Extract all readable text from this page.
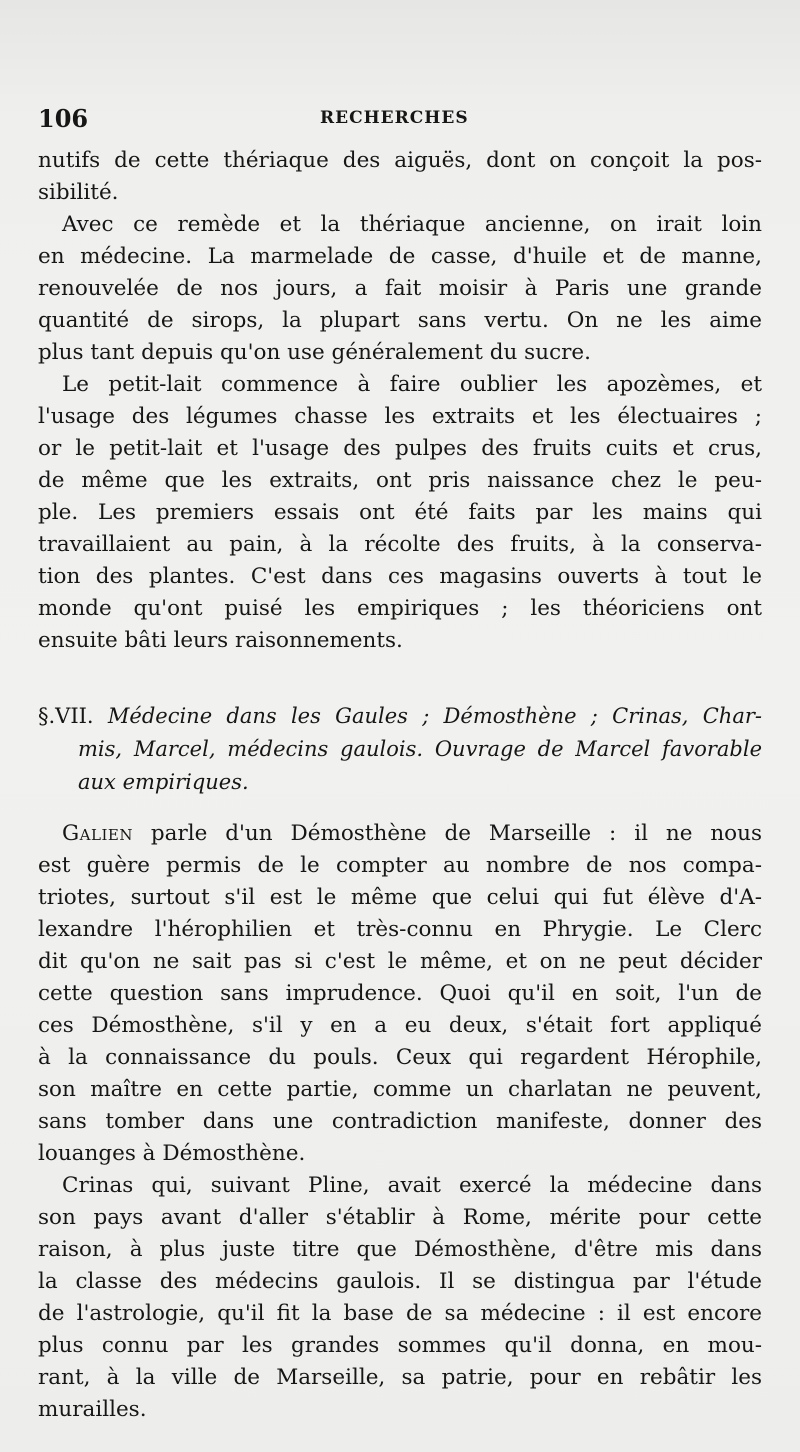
106	RECHERCHES
nutifs de cette thériaque des aiguës, dont on conçoit la pos-
sibilité.
Avec ce remède et la thériaque ancienne, on irait loin
en médecine. La marmelade de casse, d'huile et de manne,
renouvelée de nos jours, a fait moisir à Paris une grande
quantité de sirops, la plupart sans vertu. On ne les aime
plus tant depuis qu'on use généralement du sucre.
Le petit-lait commence à faire oublier les apozèmes, et
l'usage des légumes chasse les extraits et les électuaires ;
or le petit-lait et l'usage des pulpes des fruits cuits et crus,
de même que les extraits, ont pris naissance chez le peu-
ple. Les premiers essais ont été faits par les mains qui
travaillaient au pain, à la récolte des fruits, à la conserva-
tion des plantes. C'est dans ces magasins ouverts à tout le
monde qu'ont puisé les empiriques ; les théoriciens ont
ensuite bâti leurs raisonnements.
§.VII. Médecine dans les Gaules ; Démosthène ; Crinas, Char-
mis, Marcel, médecins gaulois. Ouvrage de Marcel favorable
aux empiriques.
Galien parle d'un Démosthène de Marseille : il ne nous
est guère permis de le compter au nombre de nos compa-
triotes, surtout s'il est le même que celui qui fut élève d'A-
lexandre l'hérophilien et très-connu en Phrygie. Le Clerc
dit qu'on ne sait pas si c'est le même, et on ne peut décider
cette question sans imprudence. Quoi qu'il en soit, l'un de
ces Démosthène, s'il y en a eu deux, s'était fort appliqué
à la connaissance du pouls. Ceux qui regardent Hérophile,
son maître en cette partie, comme un charlatan ne peuvent,
sans tomber dans une contradiction manifeste, donner des
louanges à Démosthène.
Crinas qui, suivant Pline, avait exercé la médecine dans
son pays avant d'aller s'établir à Rome, mérite pour cette
raison, à plus juste titre que Démosthène, d'être mis dans
la classe des médecins gaulois. Il se distingua par l'étude
de l'astrologie, qu'il fit la base de sa médecine : il est encore
plus connu par les grandes sommes qu'il donna, en mou-
rant, à la ville de Marseille, sa patrie, pour en rebâtir les
murailles.
